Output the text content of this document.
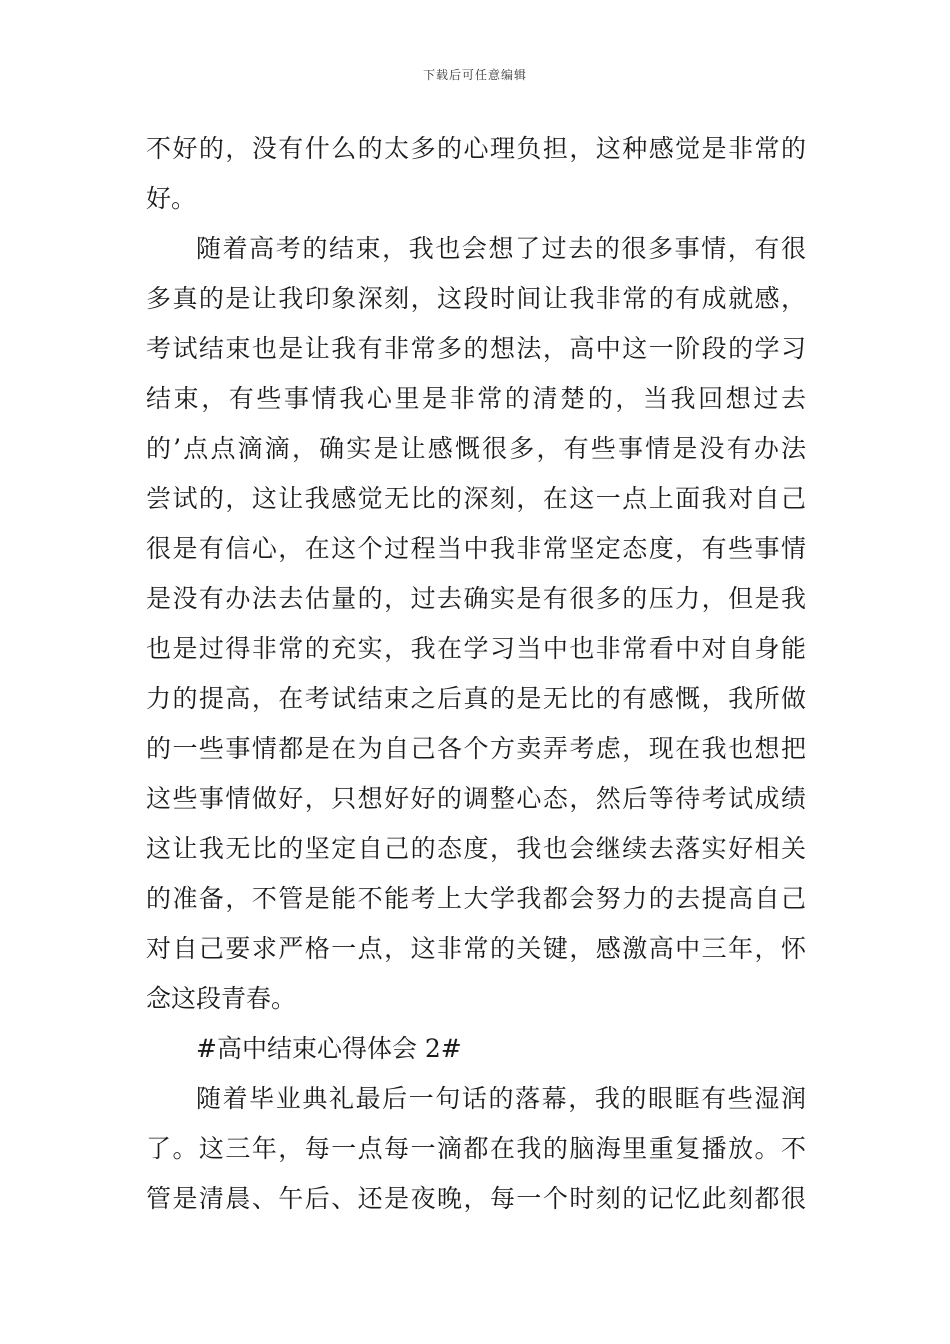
下载后可任意编辑
不好的，没有什么的太多的心理负担，这种感觉是非常的
好。
随着高考的结束，我也会想了过去的很多事情，有很
多真的是让我印象深刻，这段时间让我非常的有成就感，
考试结束也是让我有非常多的想法，高中这一阶段的学习
结束，有些事情我心里是非常的清楚的，当我回想过去
的’点点滴滴，确实是让感慨很多，有些事情是没有办法
尝试的，这让我感觉无比的深刻，在这一点上面我对自己
很是有信心，在这个过程当中我非常坚定态度，有些事情
是没有办法去估量的，过去确实是有很多的压力，但是我
也是过得非常的充实，我在学习当中也非常看中对自身能
力的提高，在考试结束之后真的是无比的有感慨，我所做
的一些事情都是在为自己各个方卖弄考虑，现在我也想把
这些事情做好，只想好好的调整心态，然后等待考试成绩
这让我无比的坚定自己的态度，我也会继续去落实好相关
的准备，不管是能不能考上大学我都会努力的去提高自己
对自己要求严格一点，这非常的关键，感激高中三年，怀
念这段青春。
#高中结束心得体会 2#
随着毕业典礼最后一句话的落幕，我的眼眶有些湿润
了。这三年，每一点每一滴都在我的脑海里重复播放。不
管是清晨、午后、还是夜晚，每一个时刻的记忆此刻都很
